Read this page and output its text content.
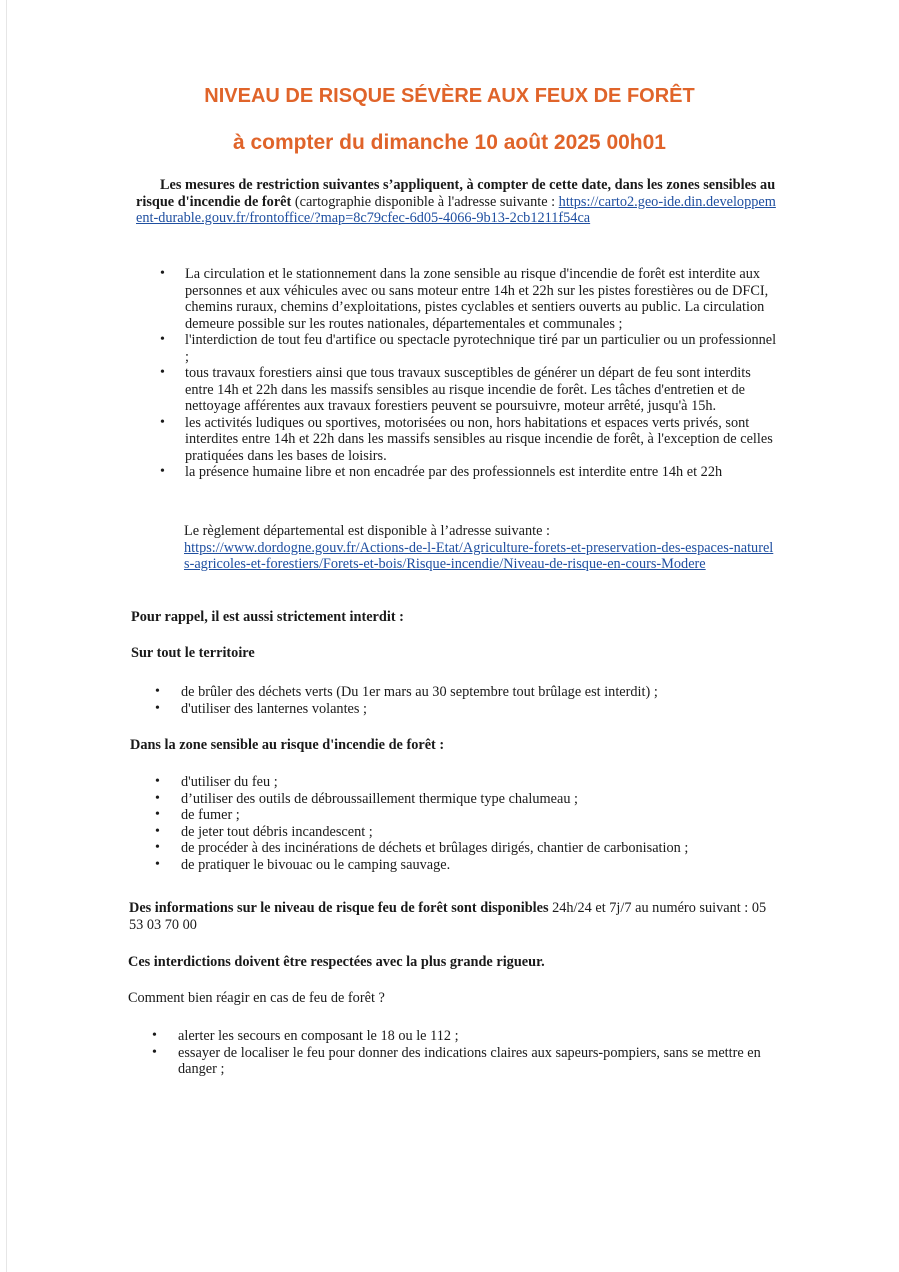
NIVEAU DE RISQUE SÉVÈRE AUX FEUX DE FORÊT
à compter du dimanche 10 août 2025 00h01
Les mesures de restriction suivantes s’appliquent, à compter de cette date, dans les zones sensibles au risque d'incendie de forêt (cartographie disponible à l'adresse suivante : https://carto2.geo-ide.din.developpement-durable.gouv.fr/frontoffice/?map=8c79cfec-6d05-4066-9b13-2cb1211f54ca
• La circulation et le stationnement dans la zone sensible au risque d'incendie de forêt est interdite aux personnes et aux véhicules avec ou sans moteur entre 14h et 22h sur les pistes forestières ou de DFCI, chemins ruraux, chemins d’exploitations, pistes cyclables et sentiers ouverts au public. La circulation demeure possible sur les routes nationales, départementales et communales ;
• l'interdiction de tout feu d'artifice ou spectacle pyrotechnique tiré par un particulier ou un professionnel ;
• tous travaux forestiers ainsi que tous travaux susceptibles de générer un départ de feu sont interdits entre 14h et 22h dans les massifs sensibles au risque incendie de forêt. Les tâches d'entretien et de nettoyage afférentes aux travaux forestiers peuvent se poursuivre, moteur arrêté, jusqu'à 15h.
• les activités ludiques ou sportives, motorisées ou non, hors habitations et espaces verts privés, sont interdites entre 14h et 22h dans les massifs sensibles au risque incendie de forêt, à l'exception de celles pratiquées dans les bases de loisirs.
• la présence humaine libre et non encadrée par des professionnels est interdite entre 14h et 22h

Le règlement départemental est disponible à l’adresse suivante :

https://www.dordogne.gouv.fr/Actions-de-l-Etat/Agriculture-forets-et-preservation-des-espaces-naturels-agricoles-et-forestiers/Forets-et-bois/Risque-incendie/Niveau-de-risque-en-cours-Modere
Pour rappel, il est aussi strictement interdit :
Sur tout le territoire
• de brûler des déchets verts (Du 1er mars au 30 septembre tout brûlage est interdit) ;
• d'utiliser des lanternes volantes ;
Dans la zone sensible au risque d'incendie de forêt :
• d'utiliser du feu ;
• d’utiliser des outils de débroussaillement thermique type chalumeau ;
• de fumer ;
• de jeter tout débris incandescent ;
• de procéder à des incinérations de déchets et brûlages dirigés, chantier de carbonisation ;
• de pratiquer le bivouac ou le camping sauvage.
Des informations sur le niveau de risque feu de forêt sont disponibles 24h/24 et 7j/7 au numéro suivant : 05 53 03 70 00
Ces interdictions doivent être respectées avec la plus grande rigueur.
Comment bien réagir en cas de feu de forêt ?
• alerter les secours en composant le 18 ou le 112 ;
• essayer de localiser le feu pour donner des indications claires aux sapeurs-pompiers, sans se mettre en danger ;
